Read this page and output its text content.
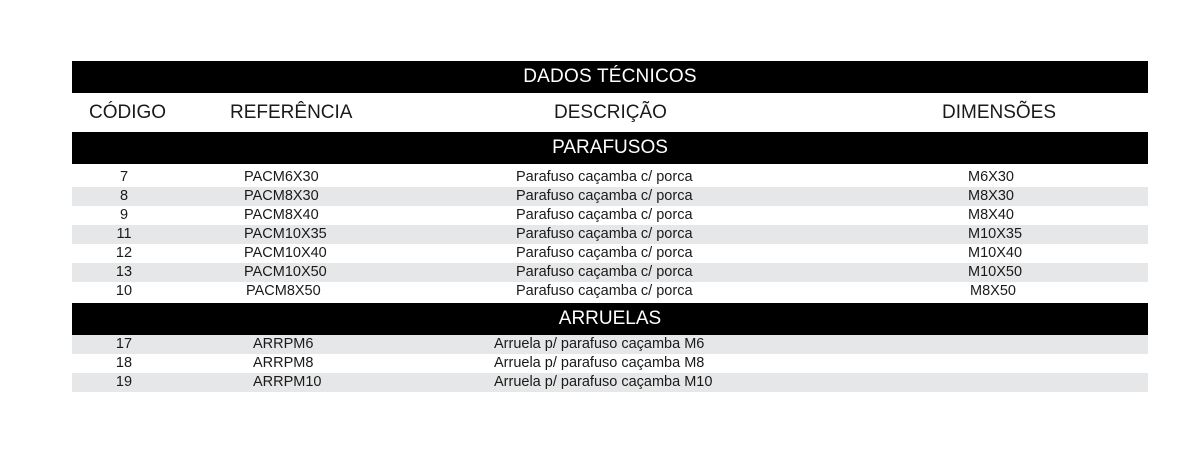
DADOS TÉCNICOS
CÓDIGO	REFERÊNCIA	DESCRIÇÃO	DIMENSÕES
PARAFUSOS
7	PACM6X30	Parafuso caçamba c/ porca	M6X30
8	PACM8X30	Parafuso caçamba c/ porca	M8X30
9	PACM8X40	Parafuso caçamba c/ porca	M8X40
11	PACM10X35	Parafuso caçamba c/ porca	M10X35
12	PACM10X40	Parafuso caçamba c/ porca	M10X40
13	PACM10X50	Parafuso caçamba c/ porca	M10X50
10	PACM8X50	Parafuso caçamba c/ porca	M8X50
ARRUELAS
17	ARRPM6	Arruela p/ parafuso caçamba M6
18	ARRPM8	Arruela p/ parafuso caçamba M8
19	ARRPM10	Arruela p/ parafuso caçamba M10
